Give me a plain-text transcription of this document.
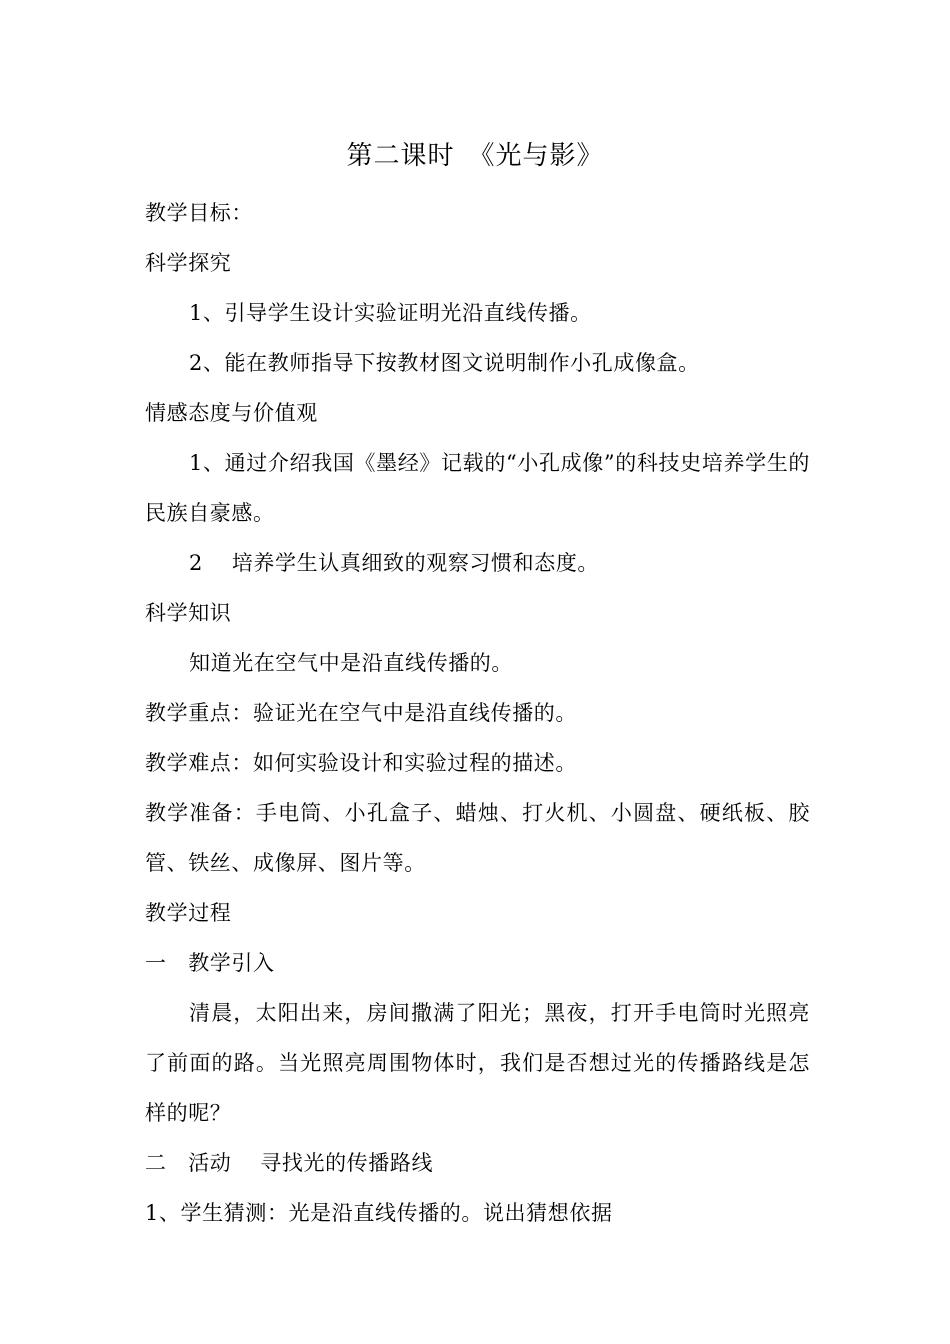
第二课时　《光与影》

教学目标：

科学探究

1、引导学生设计实验证明光沿直线传播。

2、能在教师指导下按教材图文说明制作小孔成像盒。

情感态度与价值观

1、通过介绍我国《墨经》记载的“小孔成像”的科技史培养学生的民族自豪感。

2　 培养学生认真细致的观察习惯和态度。

科学知识

知道光在空气中是沿直线传播的。

教学重点：验证光在空气中是沿直线传播的。

教学难点：如何实验设计和实验过程的描述。

教学准备：手电筒、小孔盒子、蜡烛、打火机、小圆盘、硬纸板、胶管、铁丝、成像屏、图片等。

教学过程

一　教学引入

清晨，太阳出来，房间撒满了阳光；黑夜，打开手电筒时光照亮了前面的路。当光照亮周围物体时，我们是否想过光的传播路线是怎样的呢？

二　活动　 寻找光的传播路线

1、学生猜测：光是沿直线传播的。说出猜想依据
